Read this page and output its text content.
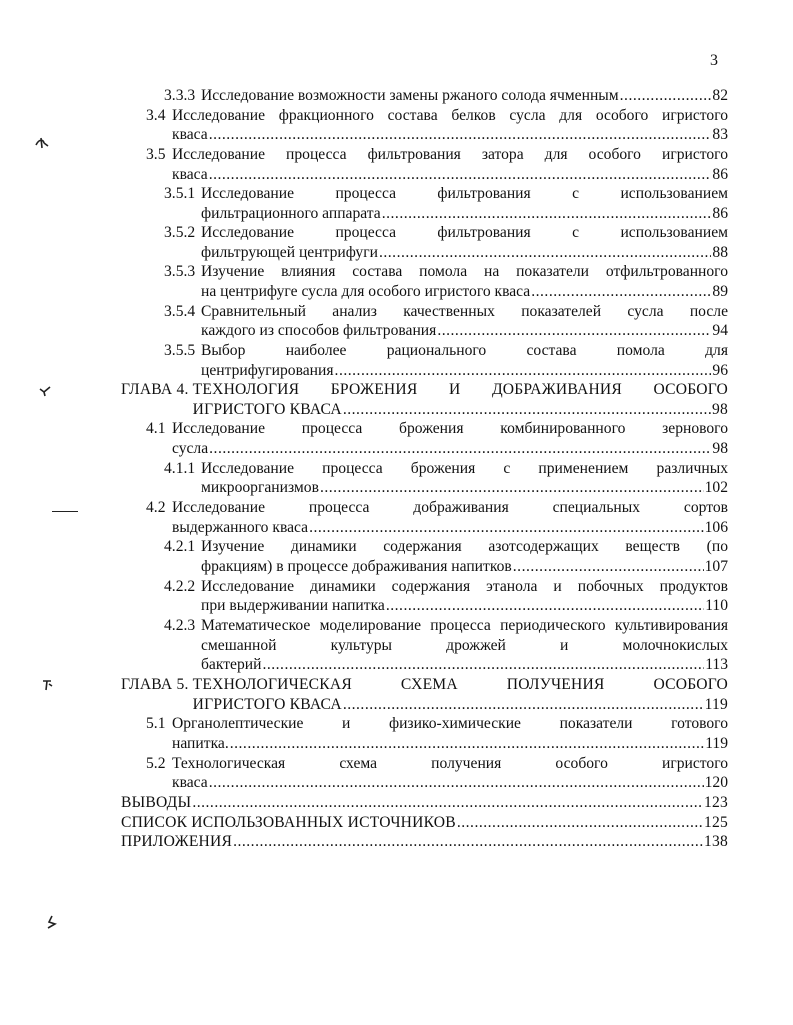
3
3.3.3 Исследование возможности замены ржаного солода ячменным .....	82
3.4 Исследование фракционного состава белков сусла для особого игристого
кваса .....	83
3.5 Исследование процесса фильтрования затора для особого игристого
кваса .....	86
3.5.1 Исследование процесса фильтрования с использованием
фильтрационного аппарата .....	86
3.5.2 Исследование процесса фильтрования с использованием
фильтрующей центрифуги .....	88
3.5.3 Изучение влияния состава помола на показатели отфильтрованного
на центрифуге сусла для особого игристого кваса .....	89
3.5.4 Сравнительный анализ качественных показателей сусла после
каждого из способов фильтрования .....	94
3.5.5 Выбор наиболее рационального состава помола для
центрифугирования .....	96
ГЛАВА 4. ТЕХНОЛОГИЯ БРОЖЕНИЯ И ДОБРАЖИВАНИЯ ОСОБОГО
ИГРИСТОГО КВАСА .....	98
4.1 Исследование процесса брожения комбинированного зернового
сусла .....	98
4.1.1 Исследование процесса брожения с применением различных
микроорганизмов .....	102
4.2 Исследование процесса дображивания специальных сортов
выдержанного кваса .....	106
4.2.1 Изучение динамики содержания азотсодержащих веществ (по
фракциям) в процессе дображивания напитков .....	107
4.2.2 Исследование динамики содержания этанола и побочных продуктов
при выдерживании напитка .....	110
4.2.3 Математическое моделирование процесса периодического культивирования смешанной культуры дрожжей и молочнокислых
бактерий .....	113
ГЛАВА 5. ТЕХНОЛОГИЧЕСКАЯ СХЕМА ПОЛУЧЕНИЯ ОСОБОГО
ИГРИСТОГО КВАСА .....	119
5.1 Органолептические и физико-химические показатели готового
напитка. .....	119
5.2 Технологическая схема получения особого игристого
кваса .....	120
ВЫВОДЫ .....	123
СПИСОК ИСПОЛЬЗОВАННЫХ ИСТОЧНИКОВ .....	125
ПРИЛОЖЕНИЯ .....	138
